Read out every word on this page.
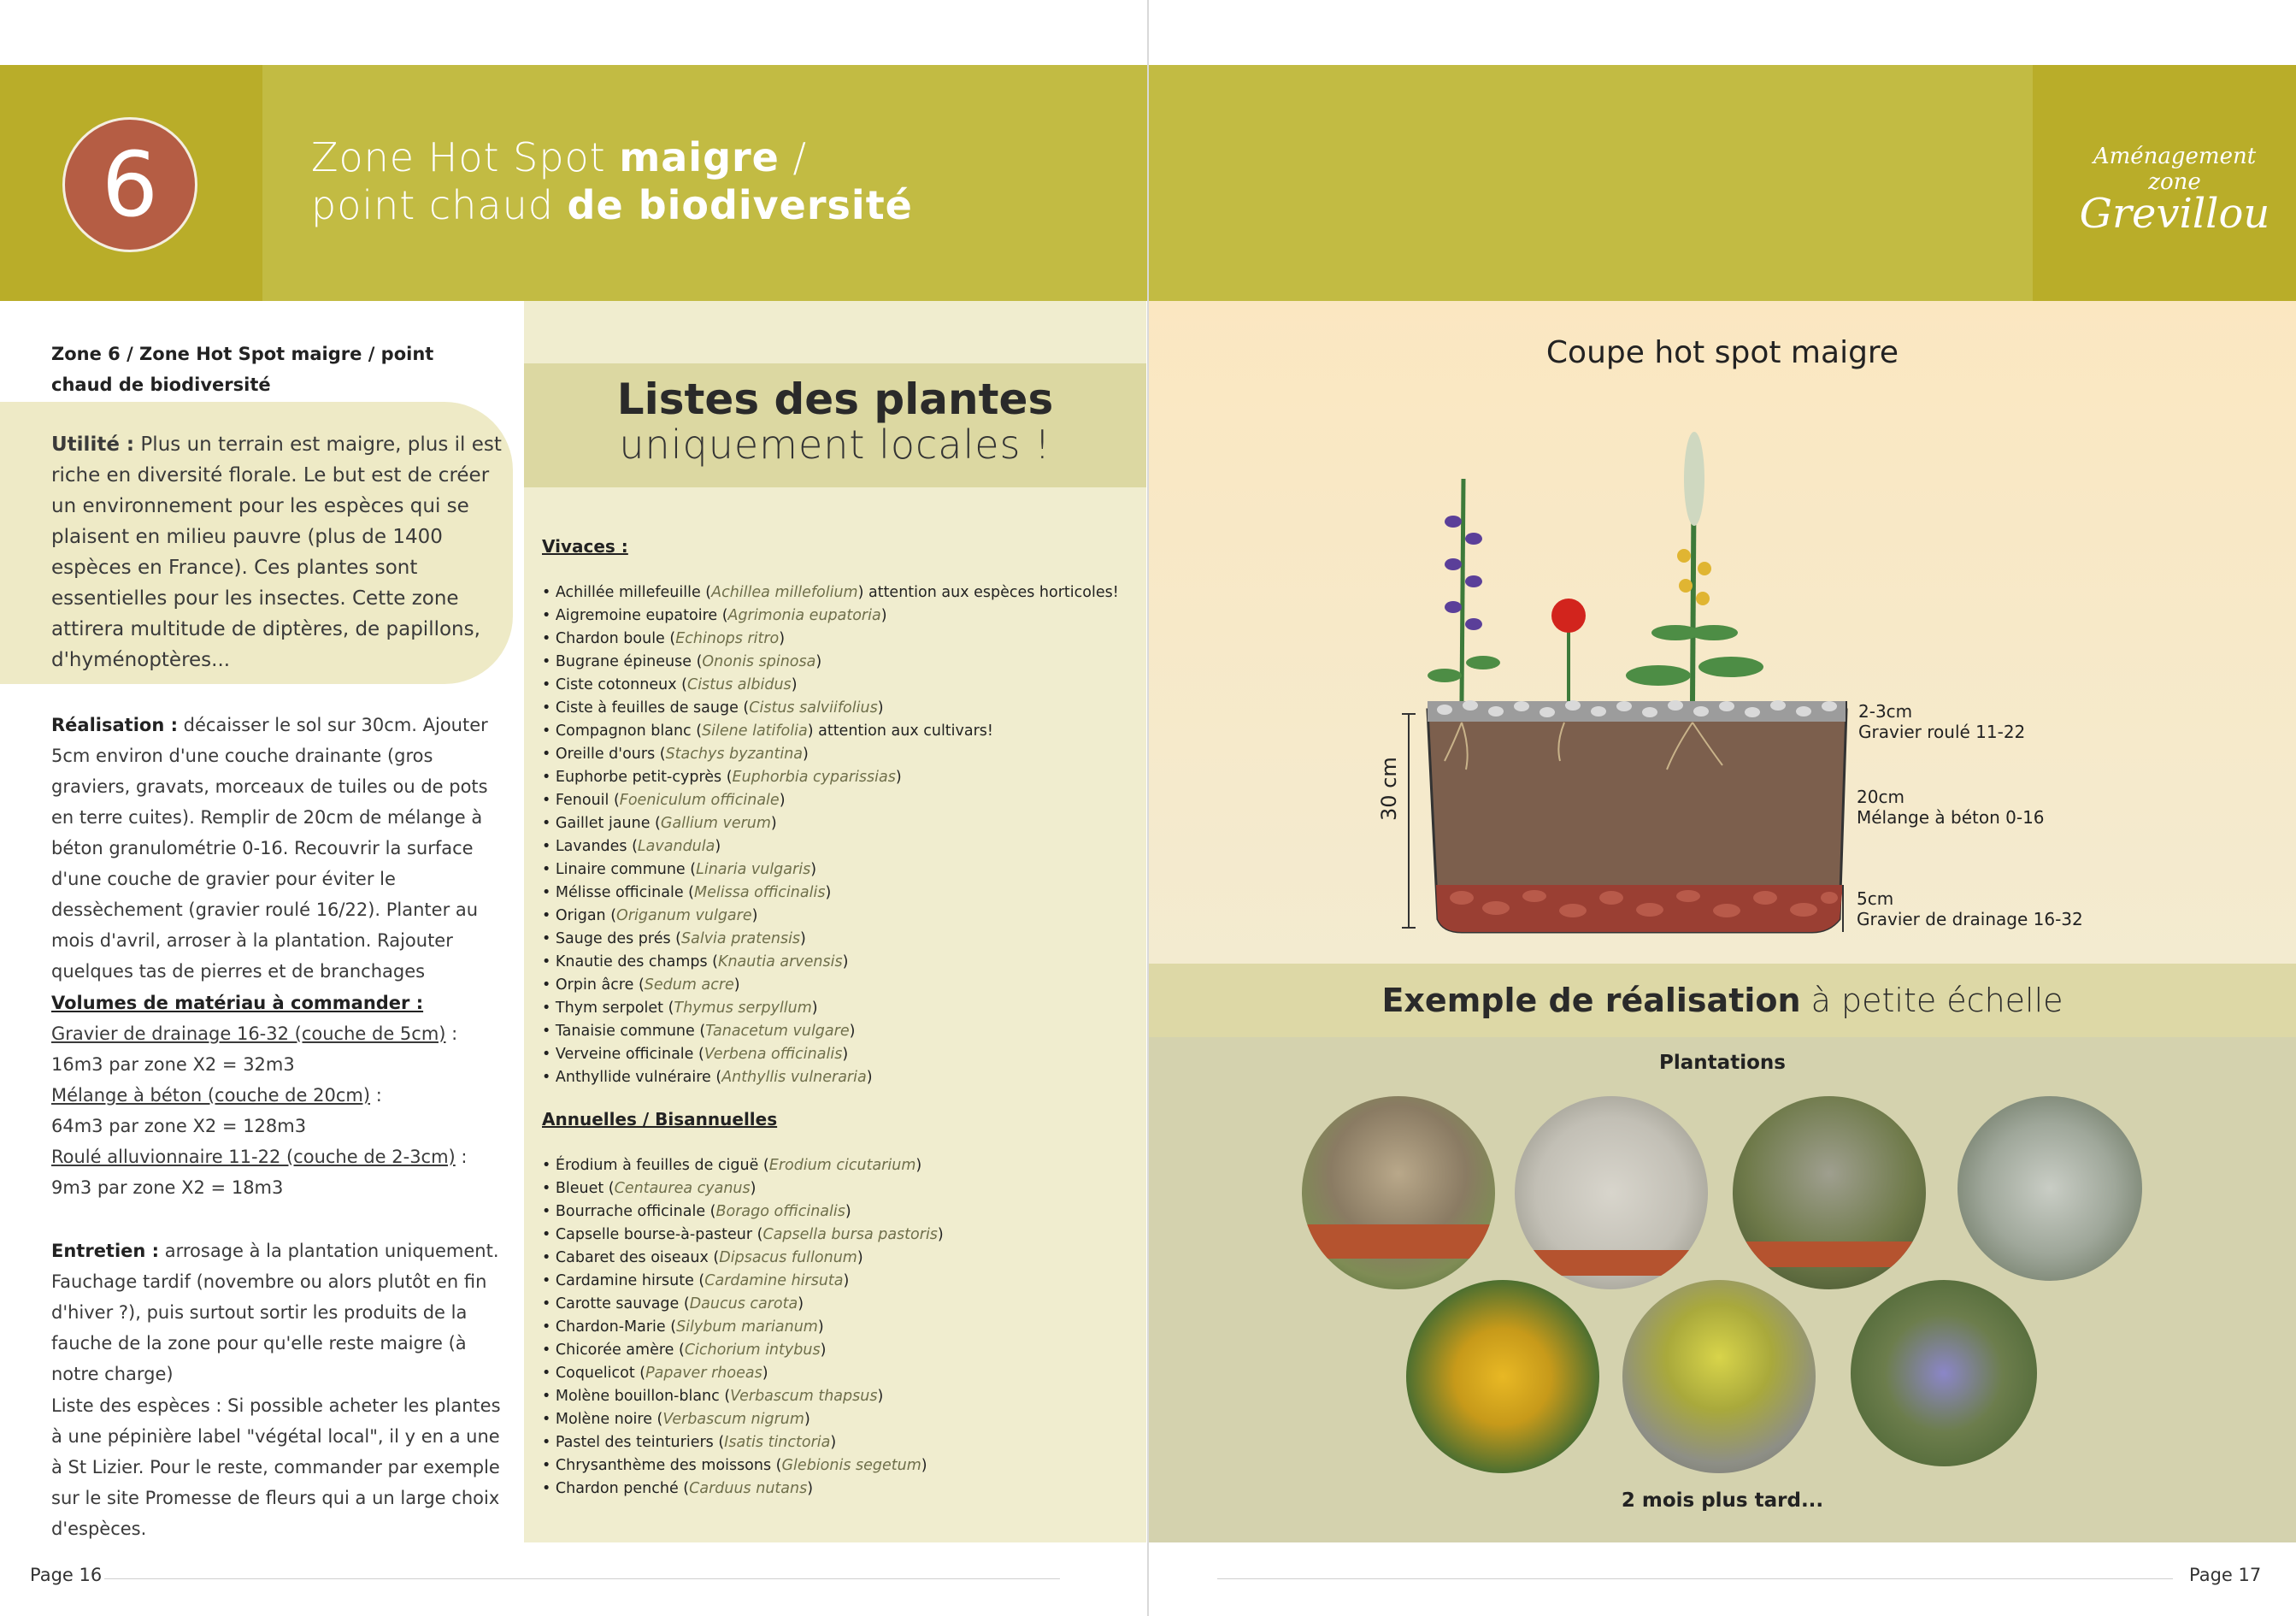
6	Zone Hot Spot maigre /
point chaud de biodiversité
Aménagement zone
Grevillou
Zone 6 / Zone Hot Spot maigre / point chaud de biodiversité
Utilité : Plus un terrain est maigre, plus il est riche en diversité florale. Le but est de créer un environnement pour les espèces qui se plaisent en milieu pauvre (plus de 1400 espèces en France). Ces plantes sont essentielles pour les insectes. Cette zone attirera multitude de diptères, de papillons, d'hyménoptères...
Réalisation : décaisser le sol sur 30cm. Ajouter 5cm environ d'une couche drainante (gros graviers, gravats, morceaux de tuiles ou de pots en terre cuites). Remplir de 20cm de mélange à béton granulométrie 0-16. Recouvrir la surface d'une couche de gravier pour éviter le dessèchement (gravier roulé 16/22). Planter au mois d'avril, arroser à la plantation. Rajouter quelques tas de pierres et de branchages
Volumes de matériau à commander :
Gravier de drainage 16-32 (couche de 5cm) :
16m3 par zone X2 = 32m3
Mélange à béton (couche de 20cm) :
64m3 par zone X2 = 128m3
Roulé alluvionnaire 11-22 (couche de 2-3cm) :
9m3 par zone X2 = 18m3
Entretien : arrosage à la plantation uniquement. Fauchage tardif (novembre ou alors plutôt en fin d'hiver ?), puis surtout sortir les produits de la fauche de la zone pour qu'elle reste maigre (à notre charge)
Liste des espèces : Si possible acheter les plantes à une pépinière label "végétal local", il y en a une à St Lizier. Pour le reste, commander par exemple sur le site Promesse de fleurs qui a un large choix d'espèces.
Listes des plantes
uniquement locales !
Vivaces :
• Achillée millefeuille (Achillea millefolium) attention aux espèces horticoles!
• Aigremoine eupatoire (Agrimonia eupatoria)
• Chardon boule (Echinops ritro)
• Bugrane épineuse (Ononis spinosa)
• Ciste cotonneux (Cistus albidus)
• Ciste à feuilles de sauge (Cistus salviifolius)
• Compagnon blanc (Silene latifolia) attention aux cultivars!
• Oreille d'ours (Stachys byzantina)
• Euphorbe petit-cyprès (Euphorbia cyparissias)
• Fenouil (Foeniculum officinale)
• Gaillet jaune (Gallium verum)
• Lavandes (Lavandula)
• Linaire commune (Linaria vulgaris)
• Mélisse officinale (Melissa officinalis)
• Origan (Origanum vulgare)
• Sauge des prés (Salvia pratensis)
• Knautie des champs (Knautia arvensis)
• Orpin âcre (Sedum acre)
• Thym serpolet (Thymus serpyllum)
• Tanaisie commune (Tanacetum vulgare)
• Verveine officinale (Verbena officinalis)
• Anthyllide vulnéraire (Anthyllis vulneraria)
Annuelles / Bisannuelles
• Érodium à feuilles de ciguë (Erodium cicutarium)
• Bleuet (Centaurea cyanus)
• Bourrache officinale (Borago officinalis)
• Capselle bourse-à-pasteur (Capsella bursa pastoris)
• Cabaret des oiseaux (Dipsacus fullonum)
• Cardamine hirsute (Cardamine hirsuta)
• Carotte sauvage (Daucus carota)
• Chardon-Marie (Silybum marianum)
• Chicorée amère (Cichorium intybus)
• Coquelicot (Papaver rhoeas)
• Molène bouillon-blanc (Verbascum thapsus)
• Molène noire (Verbascum nigrum)
• Pastel des teinturiers (Isatis tinctoria)
• Chrysanthème des moissons (Glebionis segetum)
• Chardon penché (Carduus nutans)
Coupe hot spot maigre
30 cm
2-3cm
Gravier roulé 11-22
20cm
Mélange à béton 0-16
5cm
Gravier de drainage 16-32
Exemple de réalisation à petite échelle
Plantations
2 mois plus tard...
Page 16	Page 17
